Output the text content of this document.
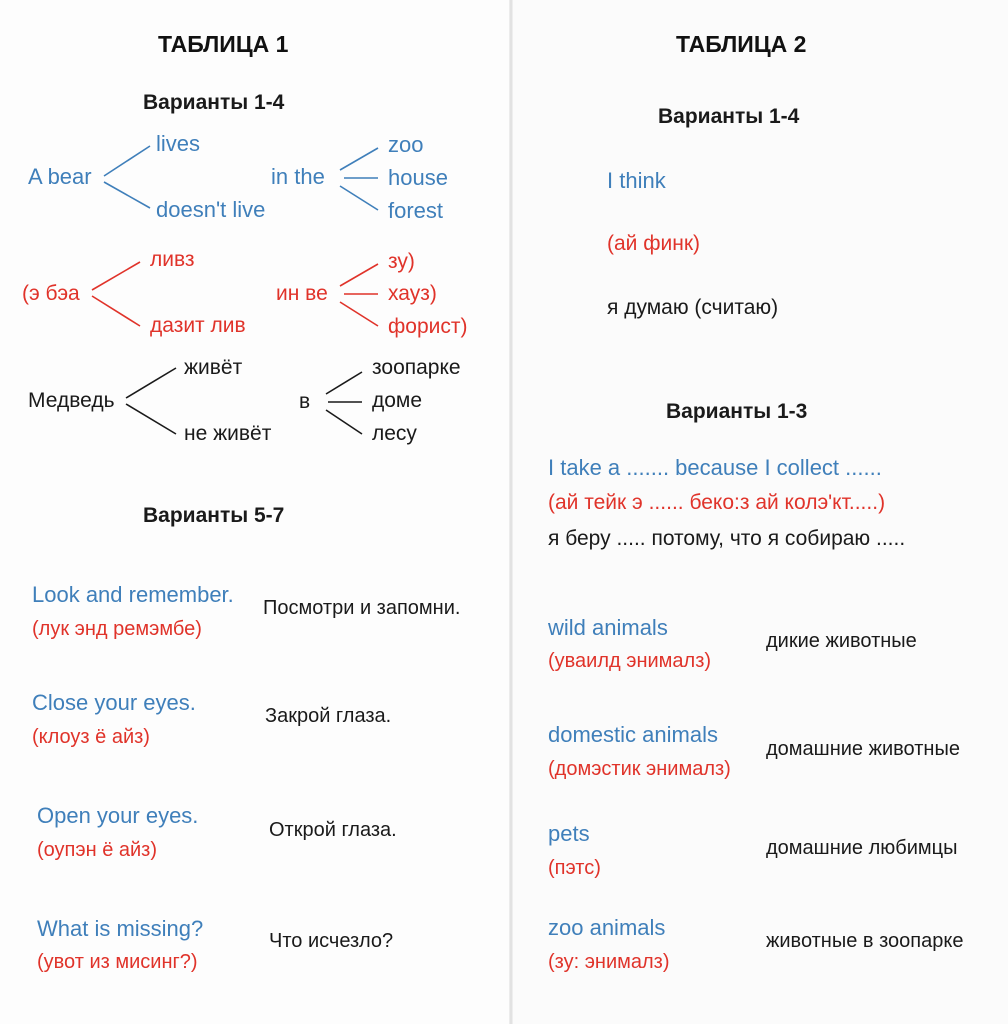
ТАБЛИЦА 1
Варианты 1-4
A bear
lives
doesn't live
in the
zoo
house
forest
(э бэа
ливз
дазит лив
ин ве
зу)
хауз)
форист)
Медведь
живёт
не живёт
в
зоопарке
доме
лесу
Варианты 5-7
Look and remember.
(лук энд ремэмбе)
Посмотри и запомни.
Close your eyes.
(клоуз ё айз)
Закрой глаза.
Open your eyes.
(оупэн ё айз)
Открой глаза.
What is missing?
(увот из мисинг?)
Что исчезло?
ТАБЛИЦА 2
Варианты 1-4
I think
(ай финк)
я думаю (считаю)
Варианты 1-3
I take a ....... because I collect ......
(ай тейк э ...... беко:з ай колэ'кт.....)
я беру ..... потому, что я собираю .....
wild animals
(уваилд энималз)
дикие животные
domestic animals
(домэстик энималз)
домашние животные
pets
(пэтс)
домашние любимцы
zoo animals
(зу: энималз)
животные в зоопарке
